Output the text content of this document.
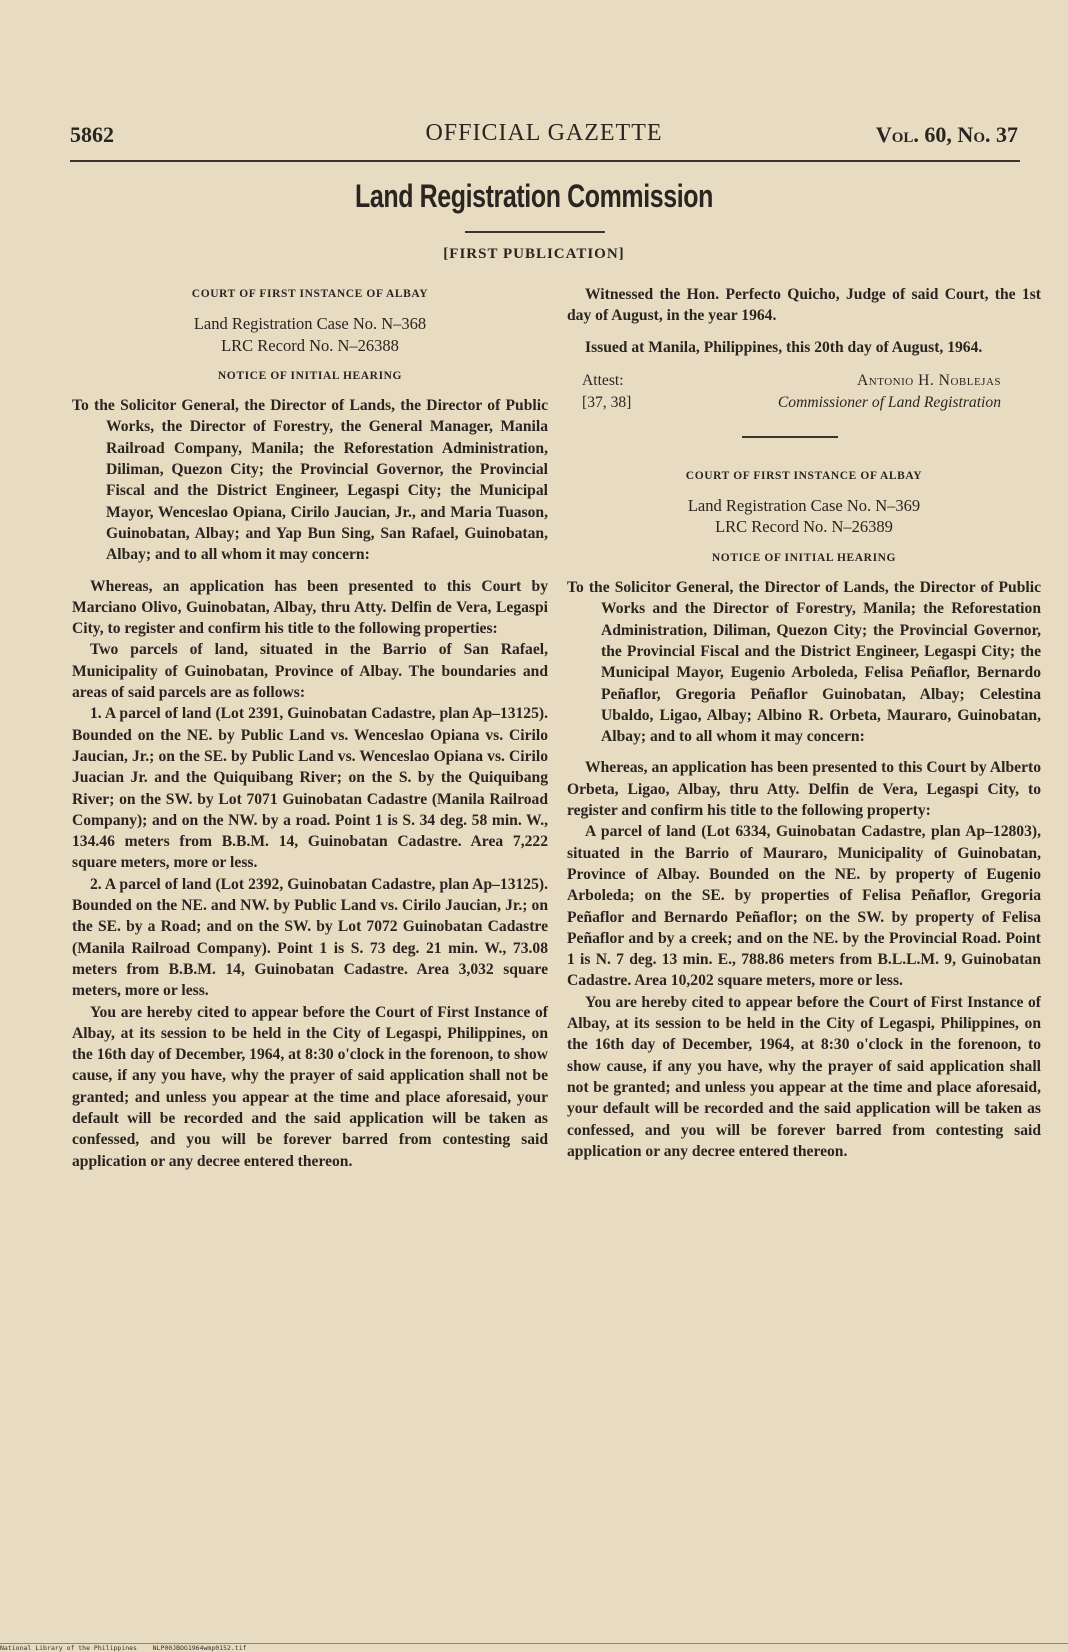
OFFICIAL GAZETTE
5862	Vol. 60, No. 37
Land Registration Commission
[FIRST PUBLICATION]

COURT OF FIRST INSTANCE OF ALBAY

Land Registration Case No. N–368

LRC Record No. N–26388

NOTICE OF INITIAL HEARING

To the Solicitor General, the Director of Lands, the Director of Public Works, the Director of Forestry, the General Manager, Manila Railroad Company, Manila; the Reforestation Administration, Diliman, Quezon City; the Provincial Governor, the Provincial Fiscal and the District Engineer, Legaspi City; the Municipal Mayor, Wenceslao Opiana, Cirilo Jaucian, Jr., and Maria Tuason, Guinobatan, Albay; and Yap Bun Sing, San Rafael, Guinobatan, Albay; and to all whom it may concern:

Whereas, an application has been presented to this Court by Marciano Olivo, Guinobatan, Albay, thru Atty. Delfin de Vera, Legaspi City, to register and confirm his title to the following properties:

Two parcels of land, situated in the Barrio of San Rafael, Municipality of Guinobatan, Province of Albay. The boundaries and areas of said parcels are as follows:

1. A parcel of land (Lot 2391, Guinobatan Cadastre, plan Ap–13125). Bounded on the NE. by Public Land vs. Wenceslao Opiana vs. Cirilo Jaucian, Jr.; on the SE. by Public Land vs. Wenceslao Opiana vs. Cirilo Juacian Jr. and the Quiquibang River; on the S. by the Quiquibang River; on the SW. by Lot 7071 Guinobatan Cadastre (Manila Railroad Company); and on the NW. by a road. Point 1 is S. 34 deg. 58 min. W., 134.46 meters from B.B.M. 14, Guinobatan Cadastre. Area 7,222 square meters, more or less.

2. A parcel of land (Lot 2392, Guinobatan Cadastre, plan Ap–13125). Bounded on the NE. and NW. by Public Land vs. Cirilo Jaucian, Jr.; on the SE. by a Road; and on the SW. by Lot 7072 Guinobatan Cadastre (Manila Railroad Company). Point 1 is S. 73 deg. 21 min. W., 73.08 meters from B.B.M. 14, Guinobatan Cadastre. Area 3,032 square meters, more or less.

You are hereby cited to appear before the Court of First Instance of Albay, at its session to be held in the City of Legaspi, Philippines, on the 16th day of December, 1964, at 8:30 o'clock in the forenoon, to show cause, if any you have, why the prayer of said application shall not be granted; and unless you appear at the time and place aforesaid, your default will be recorded and the said application will be taken as confessed, and you will be forever barred from contesting said application or any decree entered thereon.

Witnessed the Hon. Perfecto Quicho, Judge of said Court, the 1st day of August, in the year 1964.

Issued at Manila, Philippines, this 20th day of August, 1964.

Attest:
[37, 38]
Antonio H. Noblejas
Commissioner of Land Registration

COURT OF FIRST INSTANCE OF ALBAY

Land Registration Case No. N–369

LRC Record No. N–26389

NOTICE OF INITIAL HEARING

To the Solicitor General, the Director of Lands, the Director of Public Works and the Director of Forestry, Manila; the Reforestation Administration, Diliman, Quezon City; the Provincial Governor, the Provincial Fiscal and the District Engineer, Legaspi City; the Municipal Mayor, Eugenio Arboleda, Felisa Peñaflor, Bernardo Peñaflor, Gregoria Peñaflor Guinobatan, Albay; Celestina Ubaldo, Ligao, Albay; Albino R. Orbeta, Mauraro, Guinobatan, Albay; and to all whom it may concern:

Whereas, an application has been presented to this Court by Alberto Orbeta, Ligao, Albay, thru Atty. Delfin de Vera, Legaspi City, to register and confirm his title to the following property:

A parcel of land (Lot 6334, Guinobatan Cadastre, plan Ap–12803), situated in the Barrio of Mauraro, Municipality of Guinobatan, Province of Albay. Bounded on the NE. by property of Eugenio Arboleda; on the SE. by properties of Felisa Peñaflor, Gregoria Peñaflor and Bernardo Peñaflor; on the SW. by property of Felisa Peñaflor and by a creek; and on the NE. by the Provincial Road. Point 1 is N. 7 deg. 13 min. E., 788.86 meters from B.L.L.M. 9, Guinobatan Cadastre. Area 10,202 square meters, more or less.

You are hereby cited to appear before the Court of First Instance of Albay, at its session to be held in the City of Legaspi, Philippines, on the 16th day of December, 1964, at 8:30 o'clock in the forenoon, to show cause, if any you have, why the prayer of said application shall not be granted; and unless you appear at the time and place aforesaid, your default will be recorded and the said application will be taken as confessed, and you will be forever barred from contesting said application or any decree entered thereon.

National Library of the Philippines NLP00JBOG1964wmp0152.tif
